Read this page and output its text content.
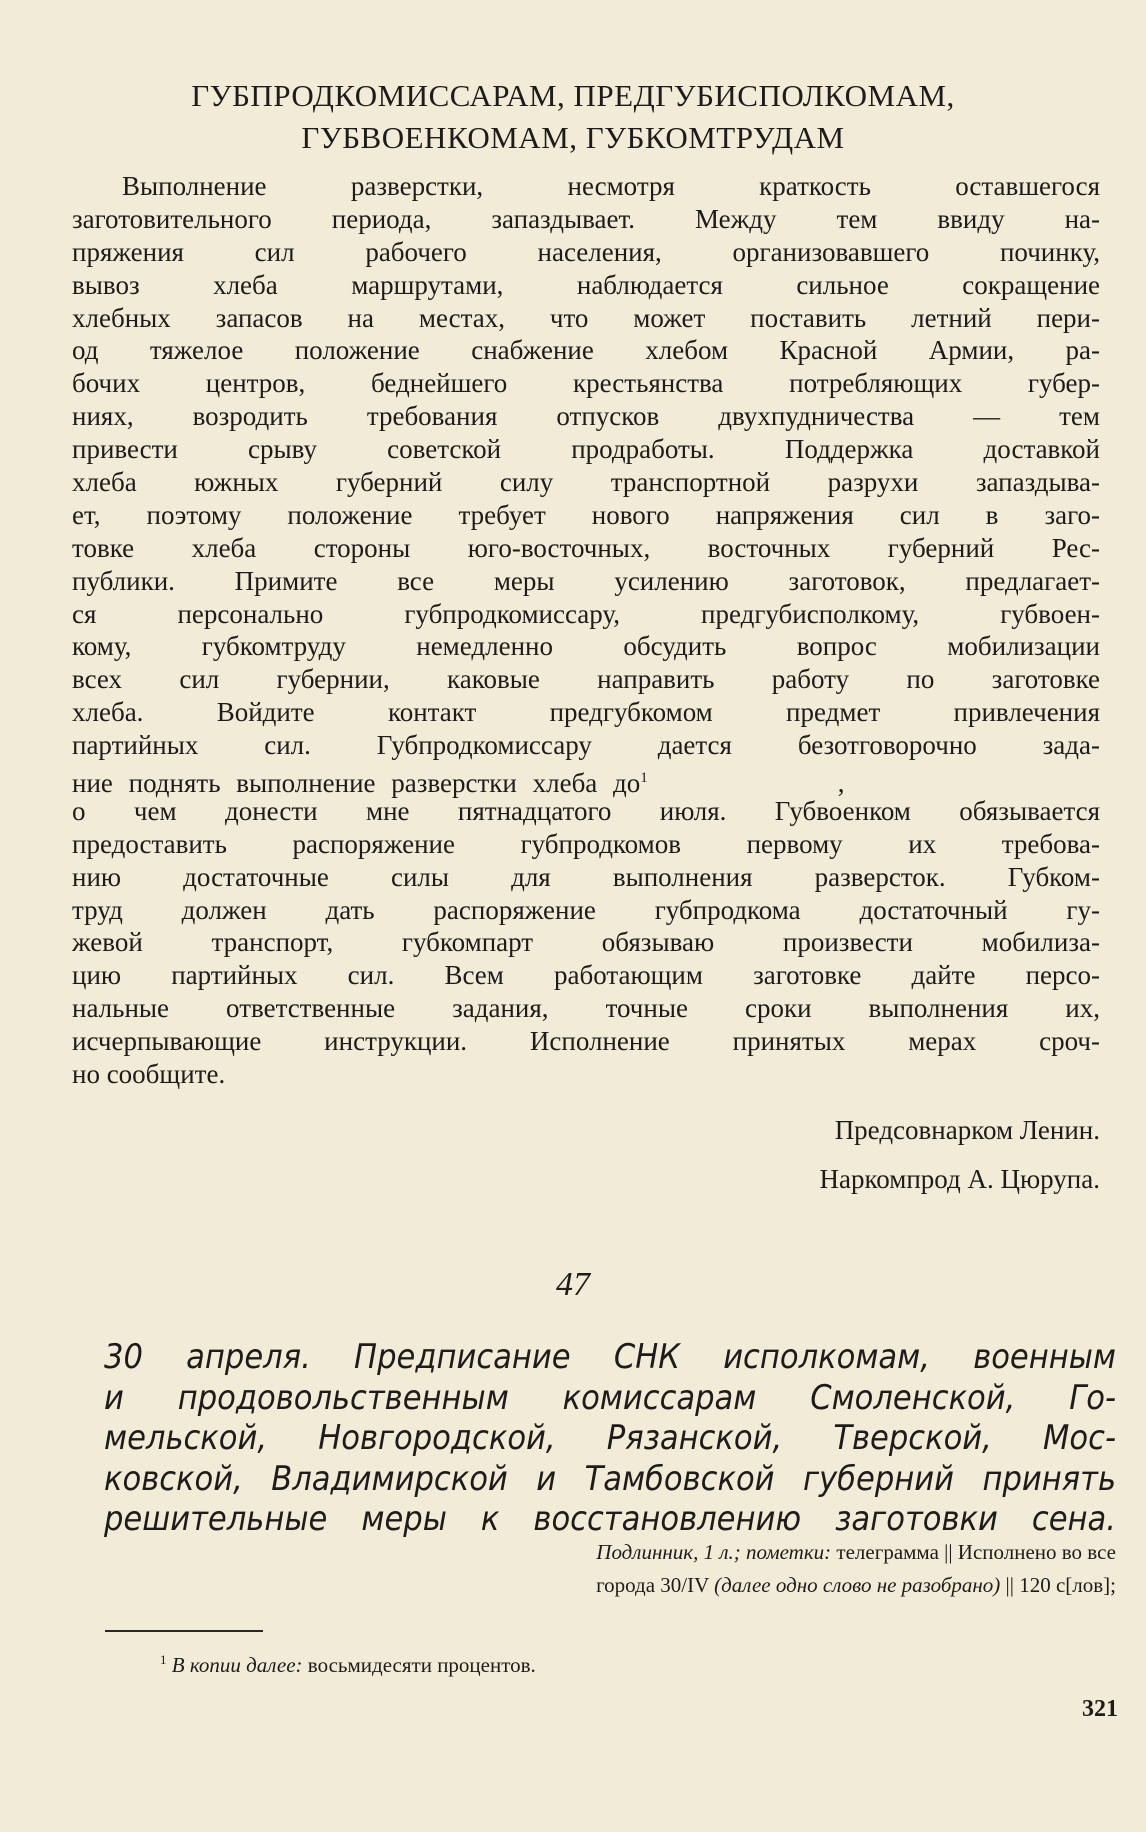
ГУБПРОДКОМИССАРАМ, ПРЕДГУБИСПОЛКОМАМ,
ГУБВОЕНКОМАМ, ГУБКОМТРУДАМ
Выполнение разверстки, несмотря краткость оставшегося
заготовительного периода, запаздывает. Между тем ввиду на-
пряжения сил рабочего населения, организовавшего починку,
вывоз хлеба маршрутами, наблюдается сильное сокращение
хлебных запасов на местах, что может поставить летний пери-
од тяжелое положение снабжение хлебом Красной Армии, ра-
бочих центров, беднейшего крестьянства потребляющих губер-
ниях, возродить требования отпусков двухпудничества — тем
привести срыву советской продработы. Поддержка доставкой
хлеба южных губерний силу транспортной разрухи запаздыва-
ет, поэтому положение требует нового напряжения сил в заго-
товке хлеба стороны юго-восточных, восточных губерний Рес-
публики. Примите все меры усилению заготовок, предлагает-
ся персонально губпродкомиссару, предгубисполкому, губвоен-
кому, губкомтруду немедленно обсудить вопрос мобилизации
всех сил губернии, каковые направить работу по заготовке
хлеба. Войдите контакт предгубкомом предмет привлечения
партийных сил. Губпродкомиссару дается безотговорочно зада-
ние поднять выполнение разверстки хлеба $до^1$	,
о чем донести мне пятнадцатого июля. Губвоенком обязывается
предоставить распоряжение губпродкомов первому их требова-
нию достаточные силы для выполнения разверсток. Губком-
труд должен дать распоряжение губпродкома достаточный гу-
жевой транспорт, губкомпарт обязываю произвести мобилиза-
цию партийных сил. Всем работающим заготовке дайте персо-
нальные ответственные задания, точные сроки выполнения их,
исчерпывающие инструкции. Исполнение принятых мерах сроч-
но сообщите.
Предсовнарком Ленин.
Наркомпрод А. Цюрупа.
47
30 апреля. Предписание СНК исполкомам, военным
и продовольственным комиссарам Смоленской, Го-
мельской, Новгородской, Рязанской, Тверской, Мос-
ковской, Владимирской и Тамбовской губерний принять
решительные меры к восстановлению заготовки сена.
Подлинник, 1 л.; пометки: телеграмма || Исполнено во все
города 30/IV (далее одно слово не разобрано) || 120 с[лов];
$^1$ В копии далее: восьмидесяти процентов.
321
